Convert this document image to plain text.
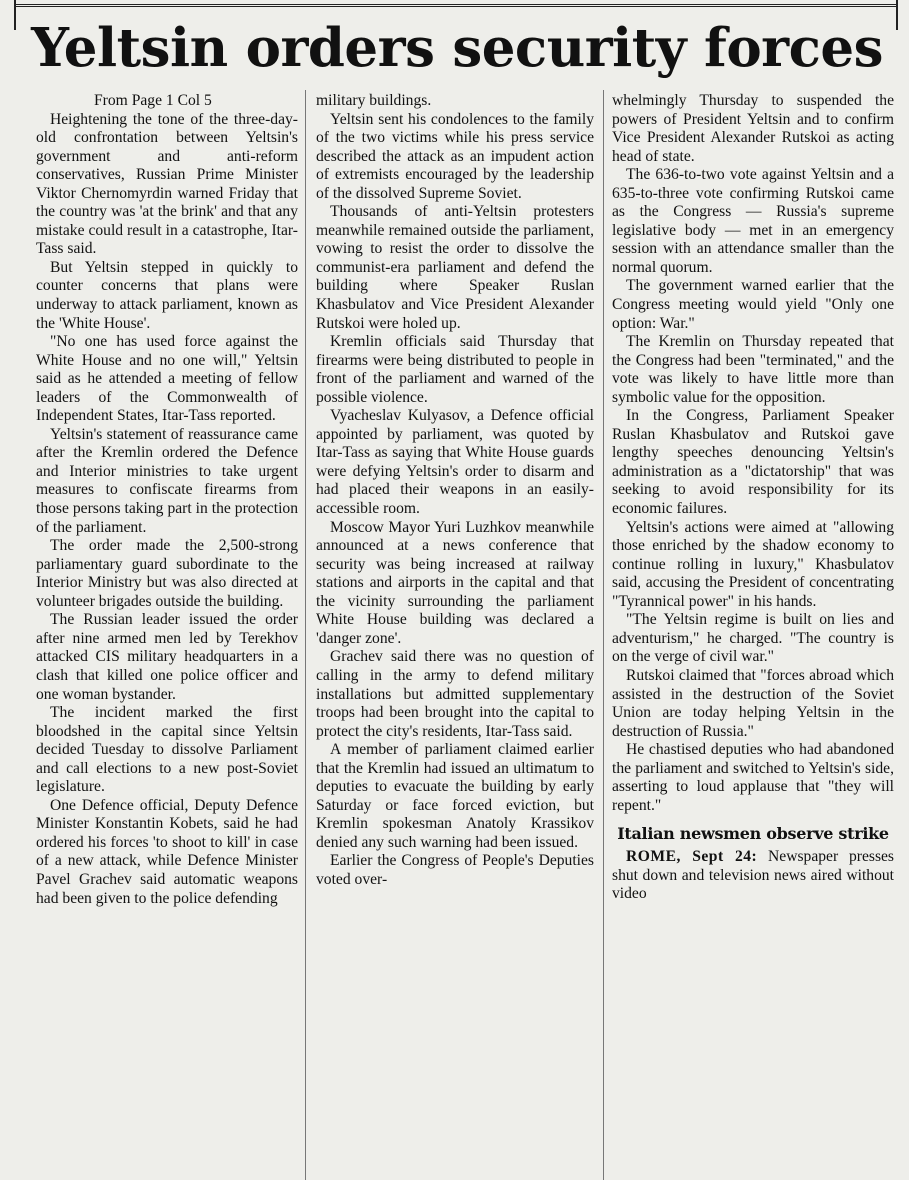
Yeltsin orders security forces
From Page 1 Col 5

Heightening the tone of the three-day-old confrontation between Yeltsin's government and anti-reform conservatives, Russian Prime Minister Viktor Chernomyrdin warned Friday that the country was 'at the brink' and that any mistake could result in a catastrophe, Itar-Tass said.

But Yeltsin stepped in quickly to counter concerns that plans were underway to attack parliament, known as the 'White House'.

"No one has used force against the White House and no one will," Yeltsin said as he attended a meeting of fellow leaders of the Commonwealth of Independent States, Itar-Tass reported.

Yeltsin's statement of reassurance came after the Kremlin ordered the Defence and Interior ministries to take urgent measures to confiscate firearms from those persons taking part in the protection of the parliament.

The order made the 2,500-strong parliamentary guard subordinate to the Interior Ministry but was also directed at volunteer brigades outside the building.

The Russian leader issued the order after nine armed men led by Terekhov attacked CIS military headquarters in a clash that killed one police officer and one woman bystander.

The incident marked the first bloodshed in the capital since Yeltsin decided Tuesday to dissolve Parliament and call elections to a new post-Soviet legislature.

One Defence official, Deputy Defence Minister Konstantin Kobets, said he had ordered his forces 'to shoot to kill' in case of a new attack, while Defence Minister Pavel Grachev said automatic weapons had been given to the police defending

military buildings.

Yeltsin sent his condolences to the family of the two victims while his press service described the attack as an impudent action of extremists encouraged by the leadership of the dissolved Supreme Soviet.

Thousands of anti-Yeltsin protesters meanwhile remained outside the parliament, vowing to resist the order to dissolve the communist-era parliament and defend the building where Speaker Ruslan Khasbulatov and Vice President Alexander Rutskoi were holed up.

Kremlin officials said Thursday that firearms were being distributed to people in front of the parliament and warned of the possible violence.

Vyacheslav Kulyasov, a Defence official appointed by parliament, was quoted by Itar-Tass as saying that White House guards were defying Yeltsin's order to disarm and had placed their weapons in an easily-accessible room.

Moscow Mayor Yuri Luzhkov meanwhile announced at a news conference that security was being increased at railway stations and airports in the capital and that the vicinity surrounding the parliament White House building was declared a 'danger zone'.

Grachev said there was no question of calling in the army to defend military installations but admitted supplementary troops had been brought into the capital to protect the city's residents, Itar-Tass said.

A member of parliament claimed earlier that the Kremlin had issued an ultimatum to deputies to evacuate the building by early Saturday or face forced eviction, but Kremlin spokesman Anatoly Krassikov denied any such warning had been issued.

Earlier the Congress of People's Deputies voted over-

whelmingly Thursday to suspended the powers of President Yeltsin and to confirm Vice President Alexander Rutskoi as acting head of state.

The 636-to-two vote against Yeltsin and a 635-to-three vote confirming Rutskoi came as the Congress — Russia's supreme legislative body — met in an emergency session with an attendance smaller than the normal quorum.

The government warned earlier that the Congress meeting would yield "Only one option: War."

The Kremlin on Thursday repeated that the Congress had been "terminated," and the vote was likely to have little more than symbolic value for the opposition.

In the Congress, Parliament Speaker Ruslan Khasbulatov and Rutskoi gave lengthy speeches denouncing Yeltsin's administration as a "dictatorship" that was seeking to avoid responsibility for its economic failures.

Yeltsin's actions were aimed at "allowing those enriched by the shadow economy to continue rolling in luxury," Khasbulatov said, accusing the President of concentrating "Tyrannical power" in his hands.

"The Yeltsin regime is built on lies and adventurism," he charged. "The country is on the verge of civil war."

Rutskoi claimed that "forces abroad which assisted in the destruction of the Soviet Union are today helping Yeltsin in the destruction of Russia."

He chastised deputies who had abandoned the parliament and switched to Yeltsin's side, asserting to loud applause that "they will repent."

Italian newsmen observe strike

ROME, Sept 24: Newspaper presses shut down and television news aired without video
